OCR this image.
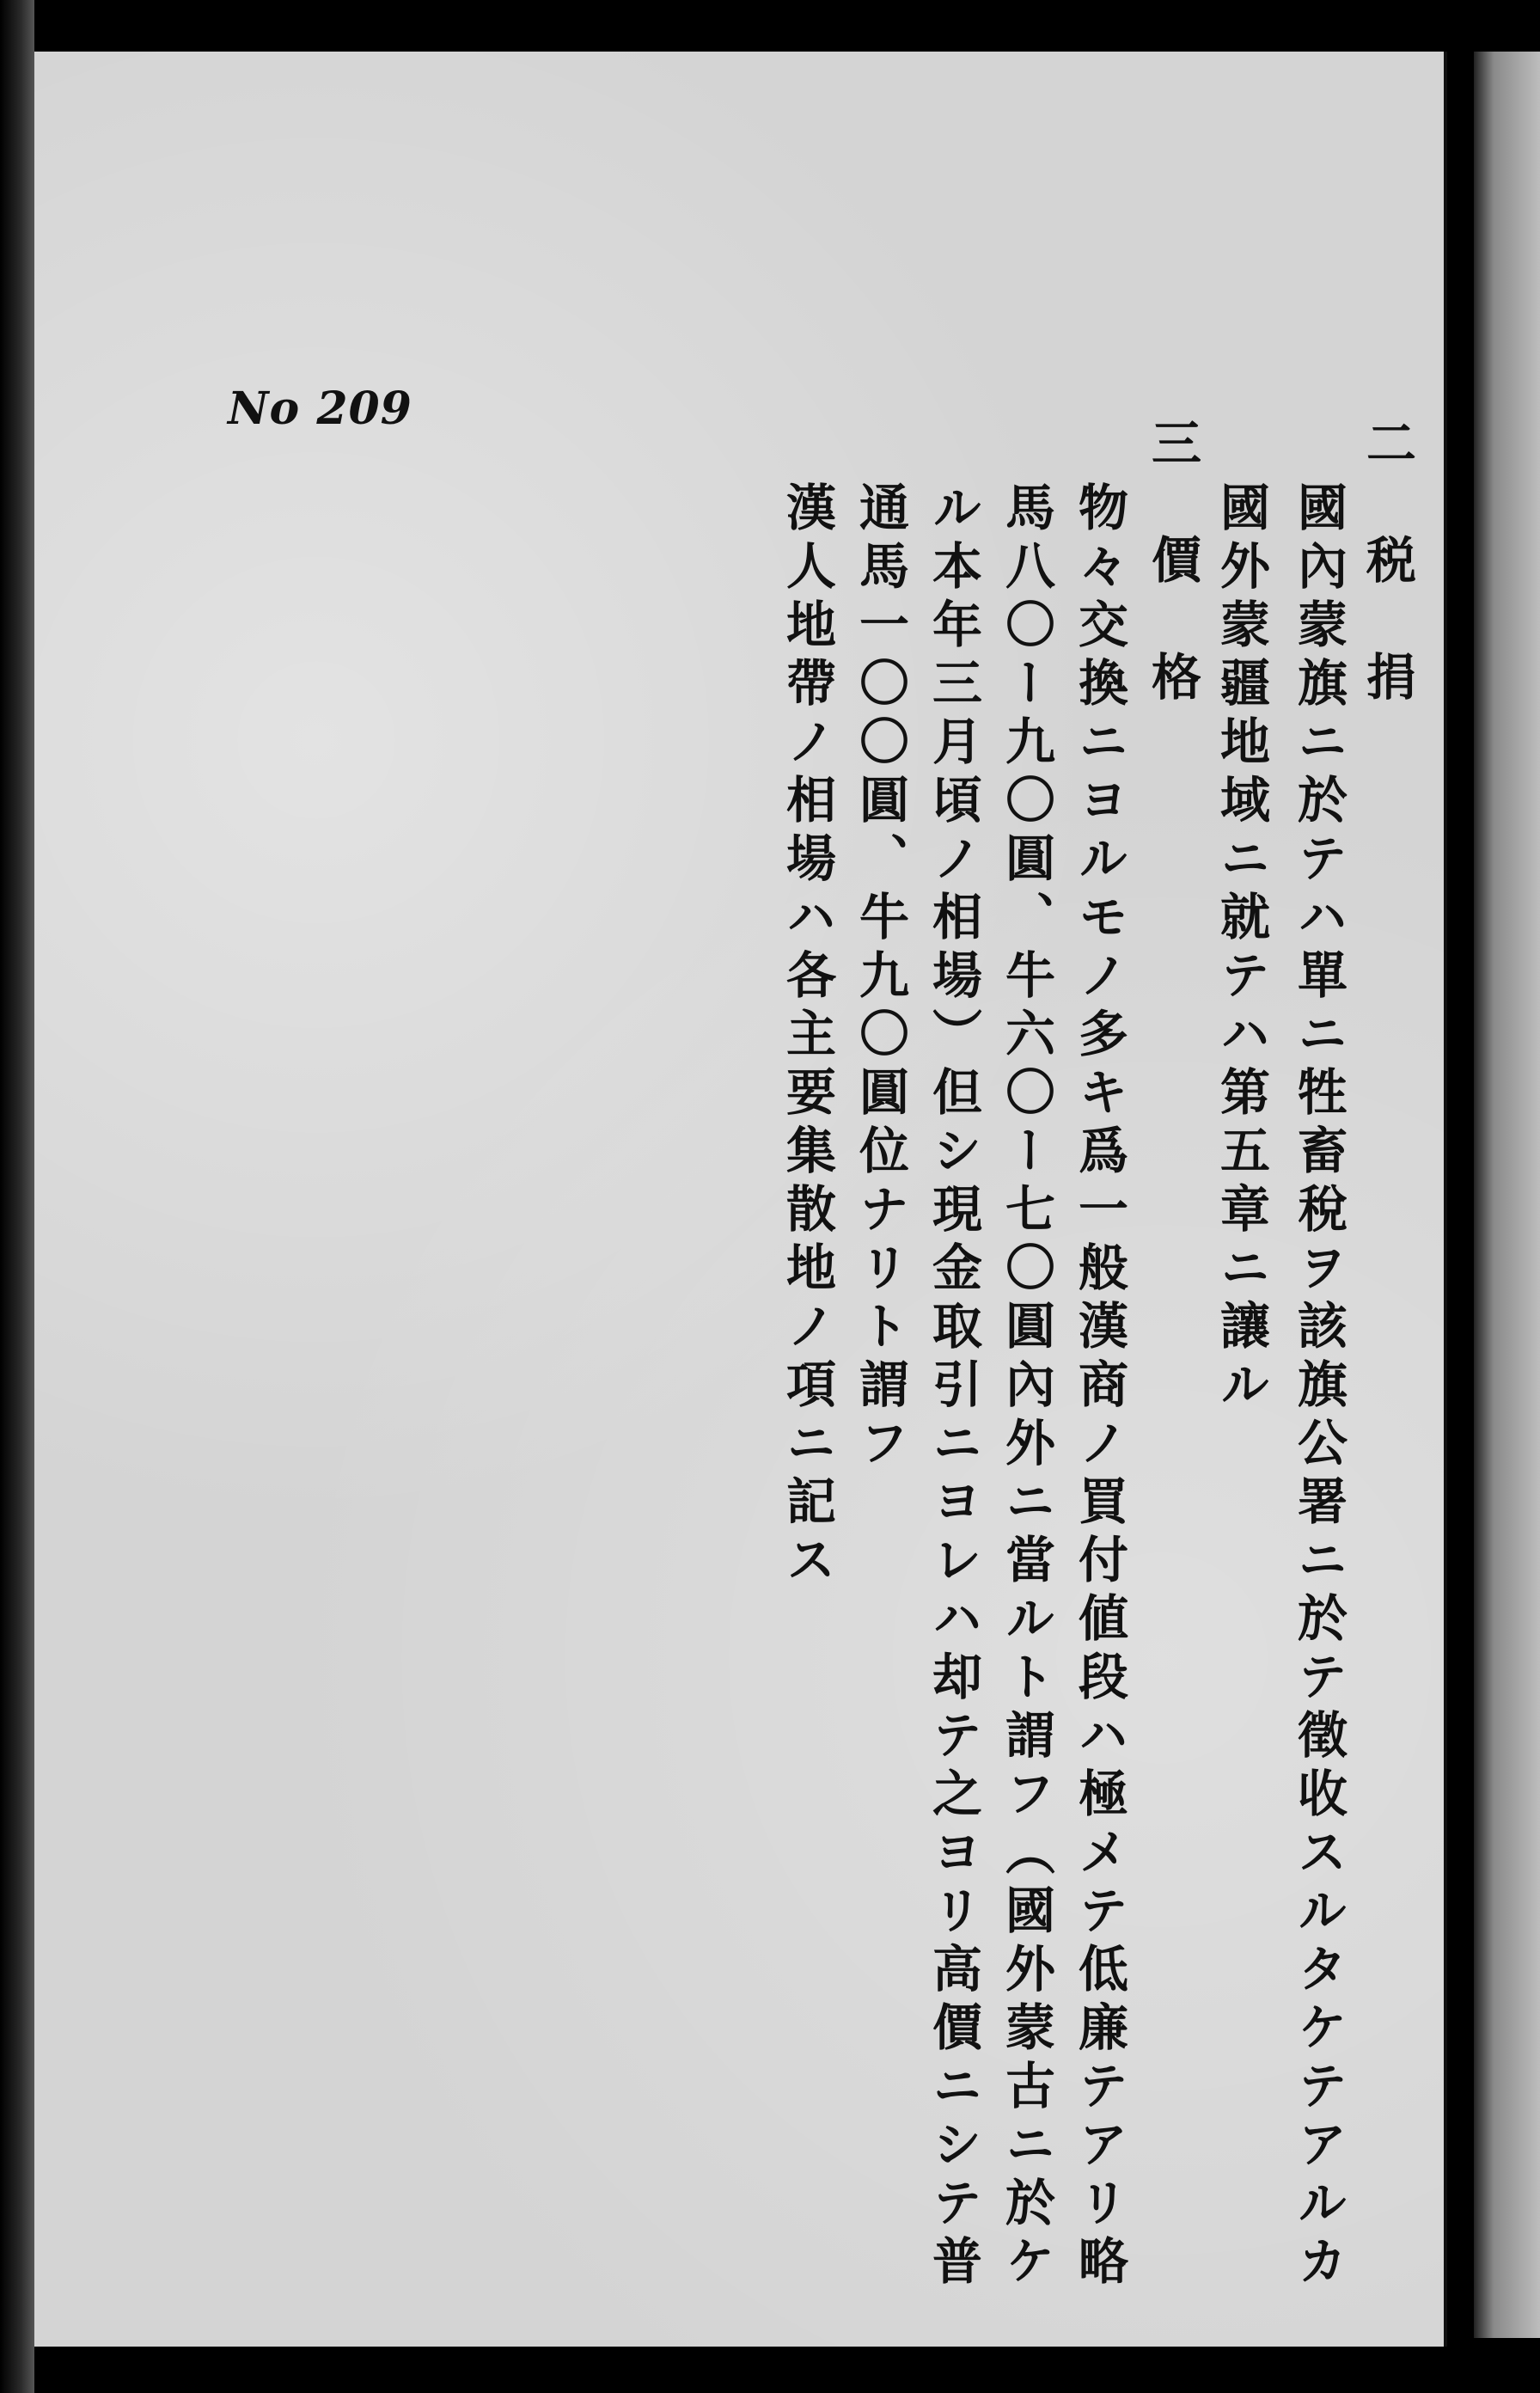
No 209
二　税　捐
國內蒙旗ニ於テハ單ニ牲畜稅ヲ該旗公署ニ於テ徵收スルタケテアルカ
國外蒙疆地域ニ就テハ第五章ニ讓ル
三　價　格
物々交換ニヨルモノ多キ爲一般漢商ノ買付値段ハ極メテ低廉テアリ略
馬八〇ー九〇圓、牛六〇ー七〇圓內外ニ當ルト謂フ（國外蒙古ニ於ケ
ル本年三月頃ノ相場）但シ現金取引ニヨレハ却テ之ヨリ高價ニシテ普
通馬一〇〇圓、牛九〇圓位ナリト謂フ
漢人地帶ノ相場ハ各主要集散地ノ項ニ記ス
